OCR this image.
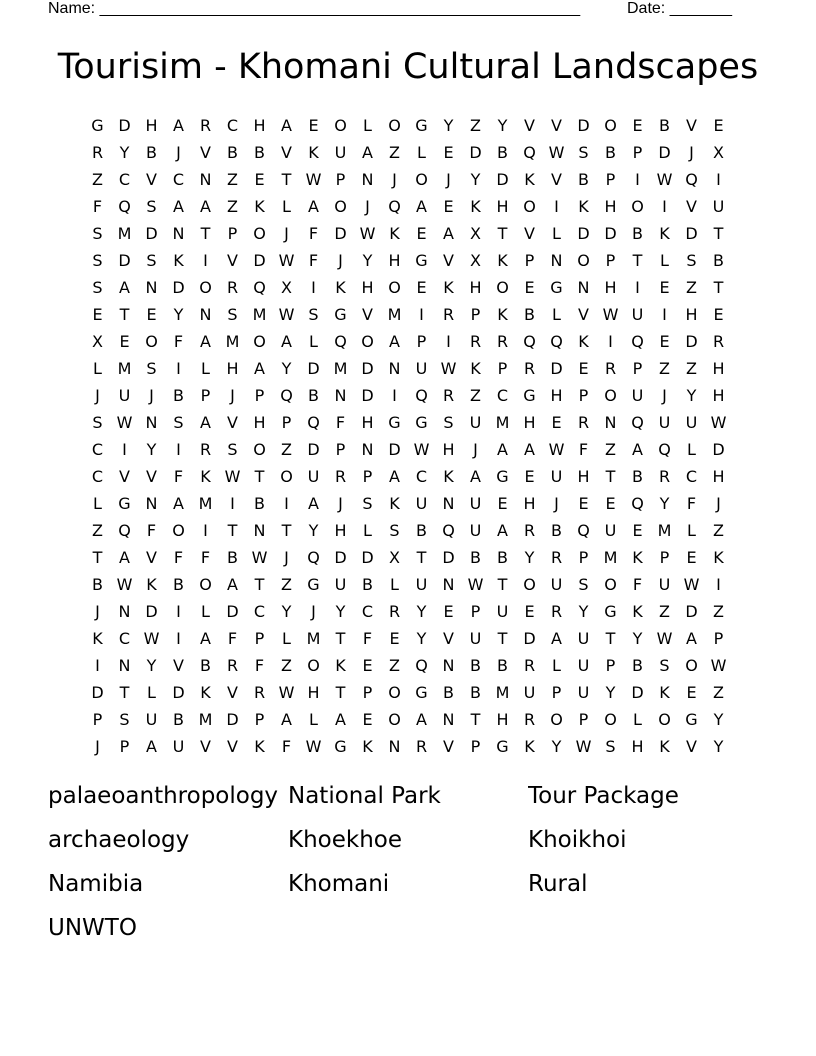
Name: ______________________________________________________	Date: _______
Tourisim - Khomani Cultural Landscapes
G D H A R C H A	E O	L	O G Y	Z	Y	V	V D O E	B	V	E
R	Y	B	J	V	B	B	V	K U A	Z	L	E D B Q W S	B	P	D	J	X
Z C V C N Z	E	T W P	N	J	O	J	Y D K	V	B	P	I	W Q	I
F	Q S	A	A	Z	K	L	A O	J	Q A	E	K H O	I	K H O	I	V U
S M D N	T	P O	J	F	D W K	E	A	X	T	V	L	D D B	K D T
S D S	K	I	V D W F	J	Y	H G V	X	K	P	N O P	T	L	S	B
S	A N D O R Q X	I	K H O E	K H O E G N H	I	E	Z	T
E	T	E	Y	N S M W S G V M	I	R	P	K	B	L	V W U	I	H E
X	E O	F	A M O A	L	Q O A	P	I	R R Q Q K	I	Q E D R
L M S	I	L	H A	Y D M D N U W K	P	R D E	R	P	Z	Z H
J	U	J	B	P	J	P Q B N D	I	Q R Z C G H	P O U	J	Y	H
S W N S	A	V H	P Q	F	H G G S	U M H E	R N Q U U W
C	I	Y	I	R	S O Z D	P	N D W H	J	A	A W F	Z	A Q	L	D
C V	V	F	K W T O U R	P	A C	K	A G E	U H	T	B R C H
L	G N A M	I	B	I	A	J	S	K U N U	E H	J	E	E Q Y	F	J
Z Q	F	O	I	T	N	T	Y	H	L	S	B Q U A R B Q U	E M L	Z
T	A	V	F	F	B W	J	Q D D X	T D B	B	Y	R	P M K	P	E	K
B W K	B O A	T	Z G U B	L	U N W T O U	S O	F	U W	I
J	N D	I	L	D C	Y	J	Y	C R	Y	E	P	U	E	R	Y G K	Z D Z
K	C W	I	A	F	P	L M T	F	E	Y	V U	T D A U	T	Y W A	P
I	N	Y	V	B R	F	Z O K	E	Z Q N B	B R	L	U	P	B	S O W
D T	L	D K	V R W H	T	P O G B	B M U	P	U	Y D K	E	Z
P	S	U B M D	P	A	L	A	E O A N	T	H R O P O	L	O G Y
J	P	A U V	V	K	F W G K N R V	P G K	Y W S H K	V	Y
palaeoanthropology National Park	Tour Package
archaeology	Khoekhoe	Khoikhoi
Namibia	Khomani	Rural
UNWTO
